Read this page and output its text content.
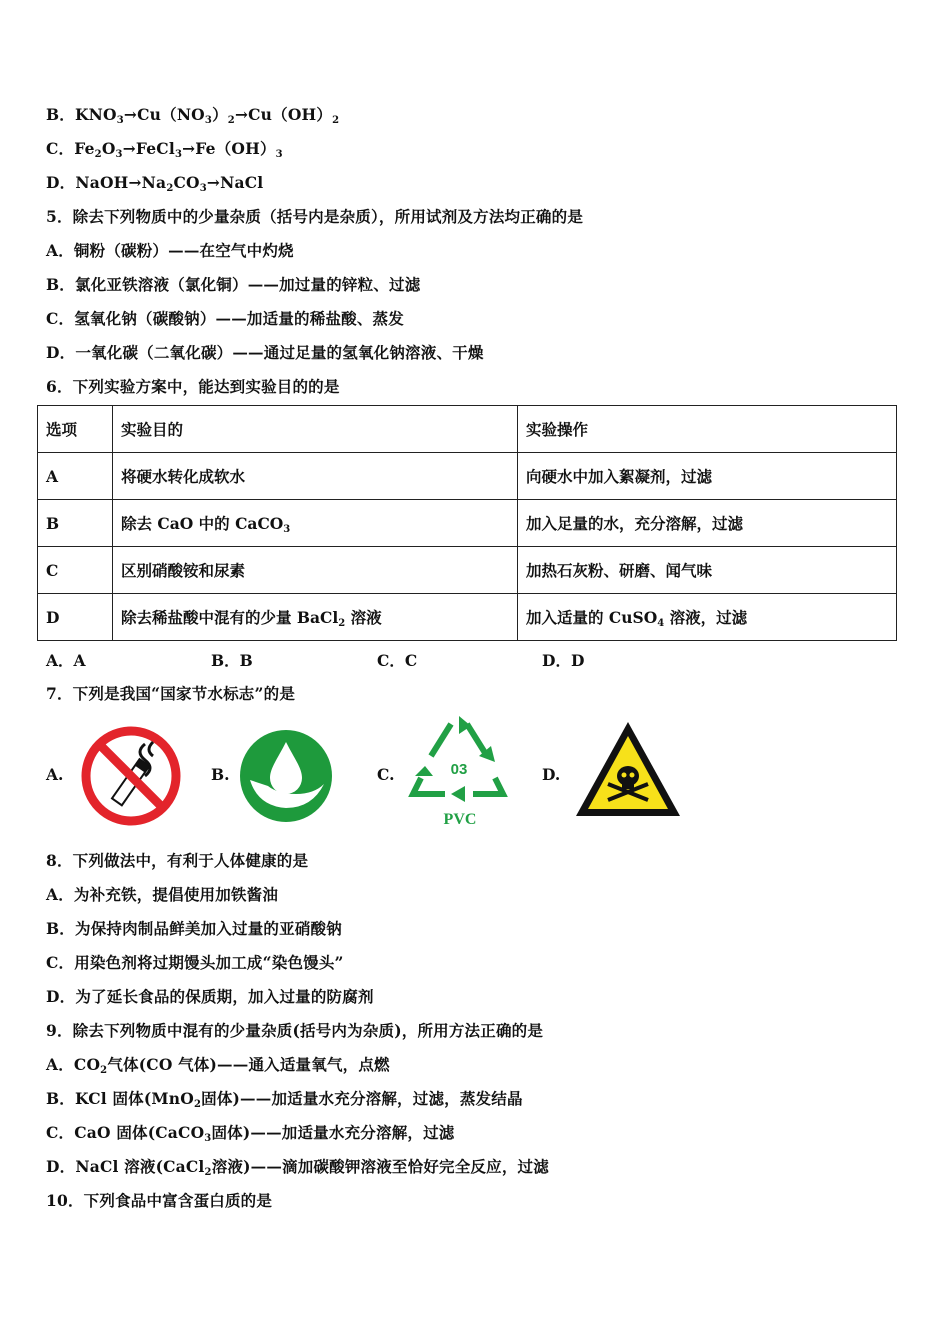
B．$KNO_3\to Cu(NO_3)_2\to Cu(OH)_2$
C．$Fe_2O_3\to FeCl_3\to Fe(OH)_3$
D．$NaOH\to Na_2CO_3\to NaCl$
5．除去下列物质中的少量杂质（括号内是杂质），所用试剂及方法均正确的是
A．铜粉（碳粉）——在空气中灼烧
B．氯化亚铁溶液（氯化铜）——加过量的锌粒、过滤
C．氢氧化钠（碳酸钠）——加适量的稀盐酸、蒸发
D．一氧化碳（二氧化碳）——通过足量的氢氧化钠溶液、干燥
6．下列实验方案中，能达到实验目的的是
选项	实验目的	实验操作
A	将硬水转化成软水	向硬水中加入絮凝剂，过滤
B	除去 CaO 中的 CaCO$_3$	加入足量的水，充分溶解，过滤
C	区别硝酸铵和尿素	加热石灰粉、研磨、闻气味
D	除去稀盐酸中混有的少量 BaCl$_2$ 溶液	加入适量的 CuSO$_4$ 溶液，过滤
A．A	B．B	C．C	D．D
7．下列是我国“国家节水标志”的是
A.	B.	C.	D.
03
PVC
8．下列做法中，有利于人体健康的是
A．为补充铁，提倡使用加铁酱油
B．为保持肉制品鲜美加入过量的亚硝酸钠
C．用染色剂将过期馒头加工成“染色馒头”
D．为了延长食品的保质期，加入过量的防腐剂
9．除去下列物质中混有的少量杂质(括号内为杂质)，所用方法正确的是
A．$CO_2$气体(CO 气体)——通入适量氧气，点燃
B．KCl 固体(MnO$_2$固体)——加适量水充分溶解，过滤，蒸发结晶
C．CaO 固体(CaCO$_3$固体)——加适量水充分溶解，过滤
D．NaCl 溶液(CaCl$_2$溶液)——滴加碳酸钾溶液至恰好完全反应，过滤
10．下列食品中富含蛋白质的是
